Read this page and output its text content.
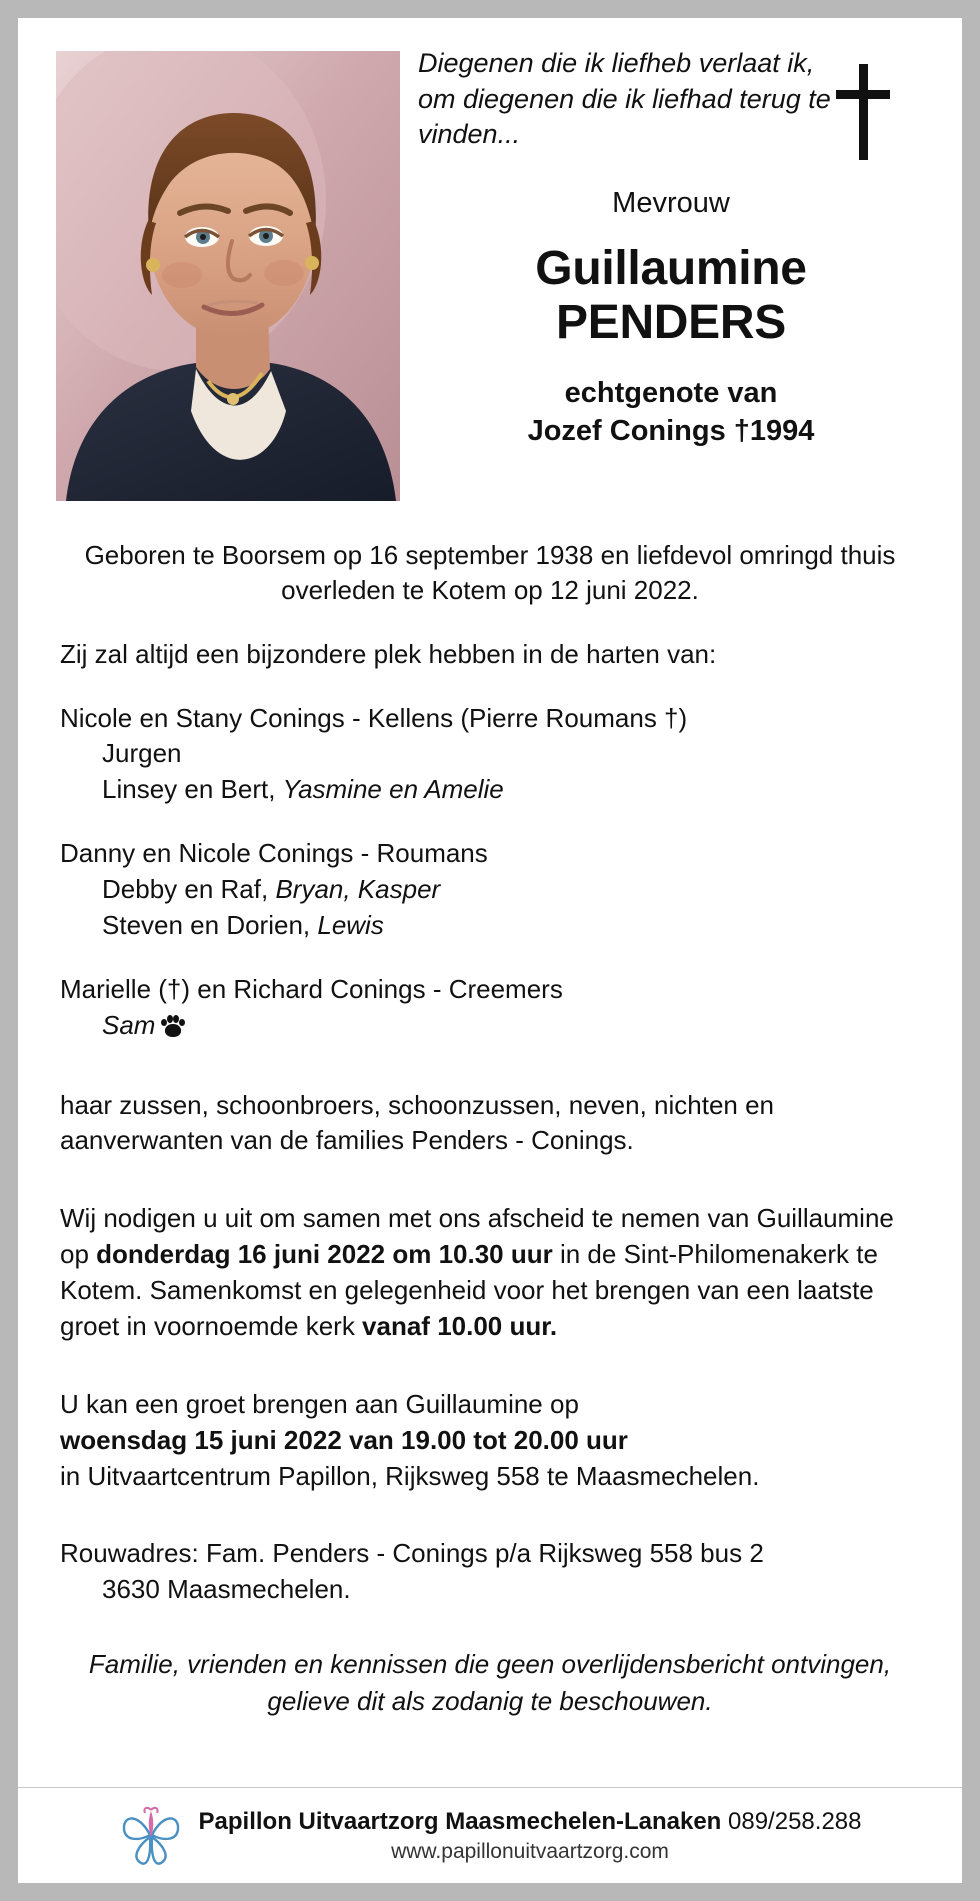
Diegenen die ik liefheb verlaat ik, om diegenen die ik liefhad terug te vinden...
Mevrouw
Guillaumine
PENDERS
echtgenote van
Jozef Conings †1994
Geboren te Boorsem op 16 september 1938 en liefdevol omringd thuis overleden te Kotem op 12 juni 2022.

Zij zal altijd een bijzondere plek hebben in de harten van:

Nicole en Stany Conings - Kellens (Pierre Roumans †)
Jurgen
Linsey en Bert, Yasmine en Amelie

Danny en Nicole Conings - Roumans
Debby en Raf, Bryan, Kasper
Steven en Dorien, Lewis

Marielle (†) en Richard Conings - Creemers
Sam

haar zussen, schoonbroers, schoonzussen, neven, nichten en aanverwanten van de families Penders - Conings.

Wij nodigen u uit om samen met ons afscheid te nemen van Guillaumine op donderdag 16 juni 2022 om 10.30 uur in de Sint-Philomenakerk te Kotem. Samenkomst en gelegenheid voor het brengen van een laatste groet in voornoemde kerk vanaf 10.00 uur.

U kan een groet brengen aan Guillaumine op
woensdag 15 juni 2022 van 19.00 tot 20.00 uur
in Uitvaartcentrum Papillon, Rijksweg 558 te Maasmechelen.

Rouwadres: Fam. Penders - Conings p/a Rijksweg 558 bus 2
3630 Maasmechelen.

Familie, vrienden en kennissen die geen overlijdensbericht ontvingen, gelieve dit als zodanig te beschouwen.
Papillon Uitvaartzorg Maasmechelen-Lanaken 089/258.288
www.papillonuitvaartzorg.com
